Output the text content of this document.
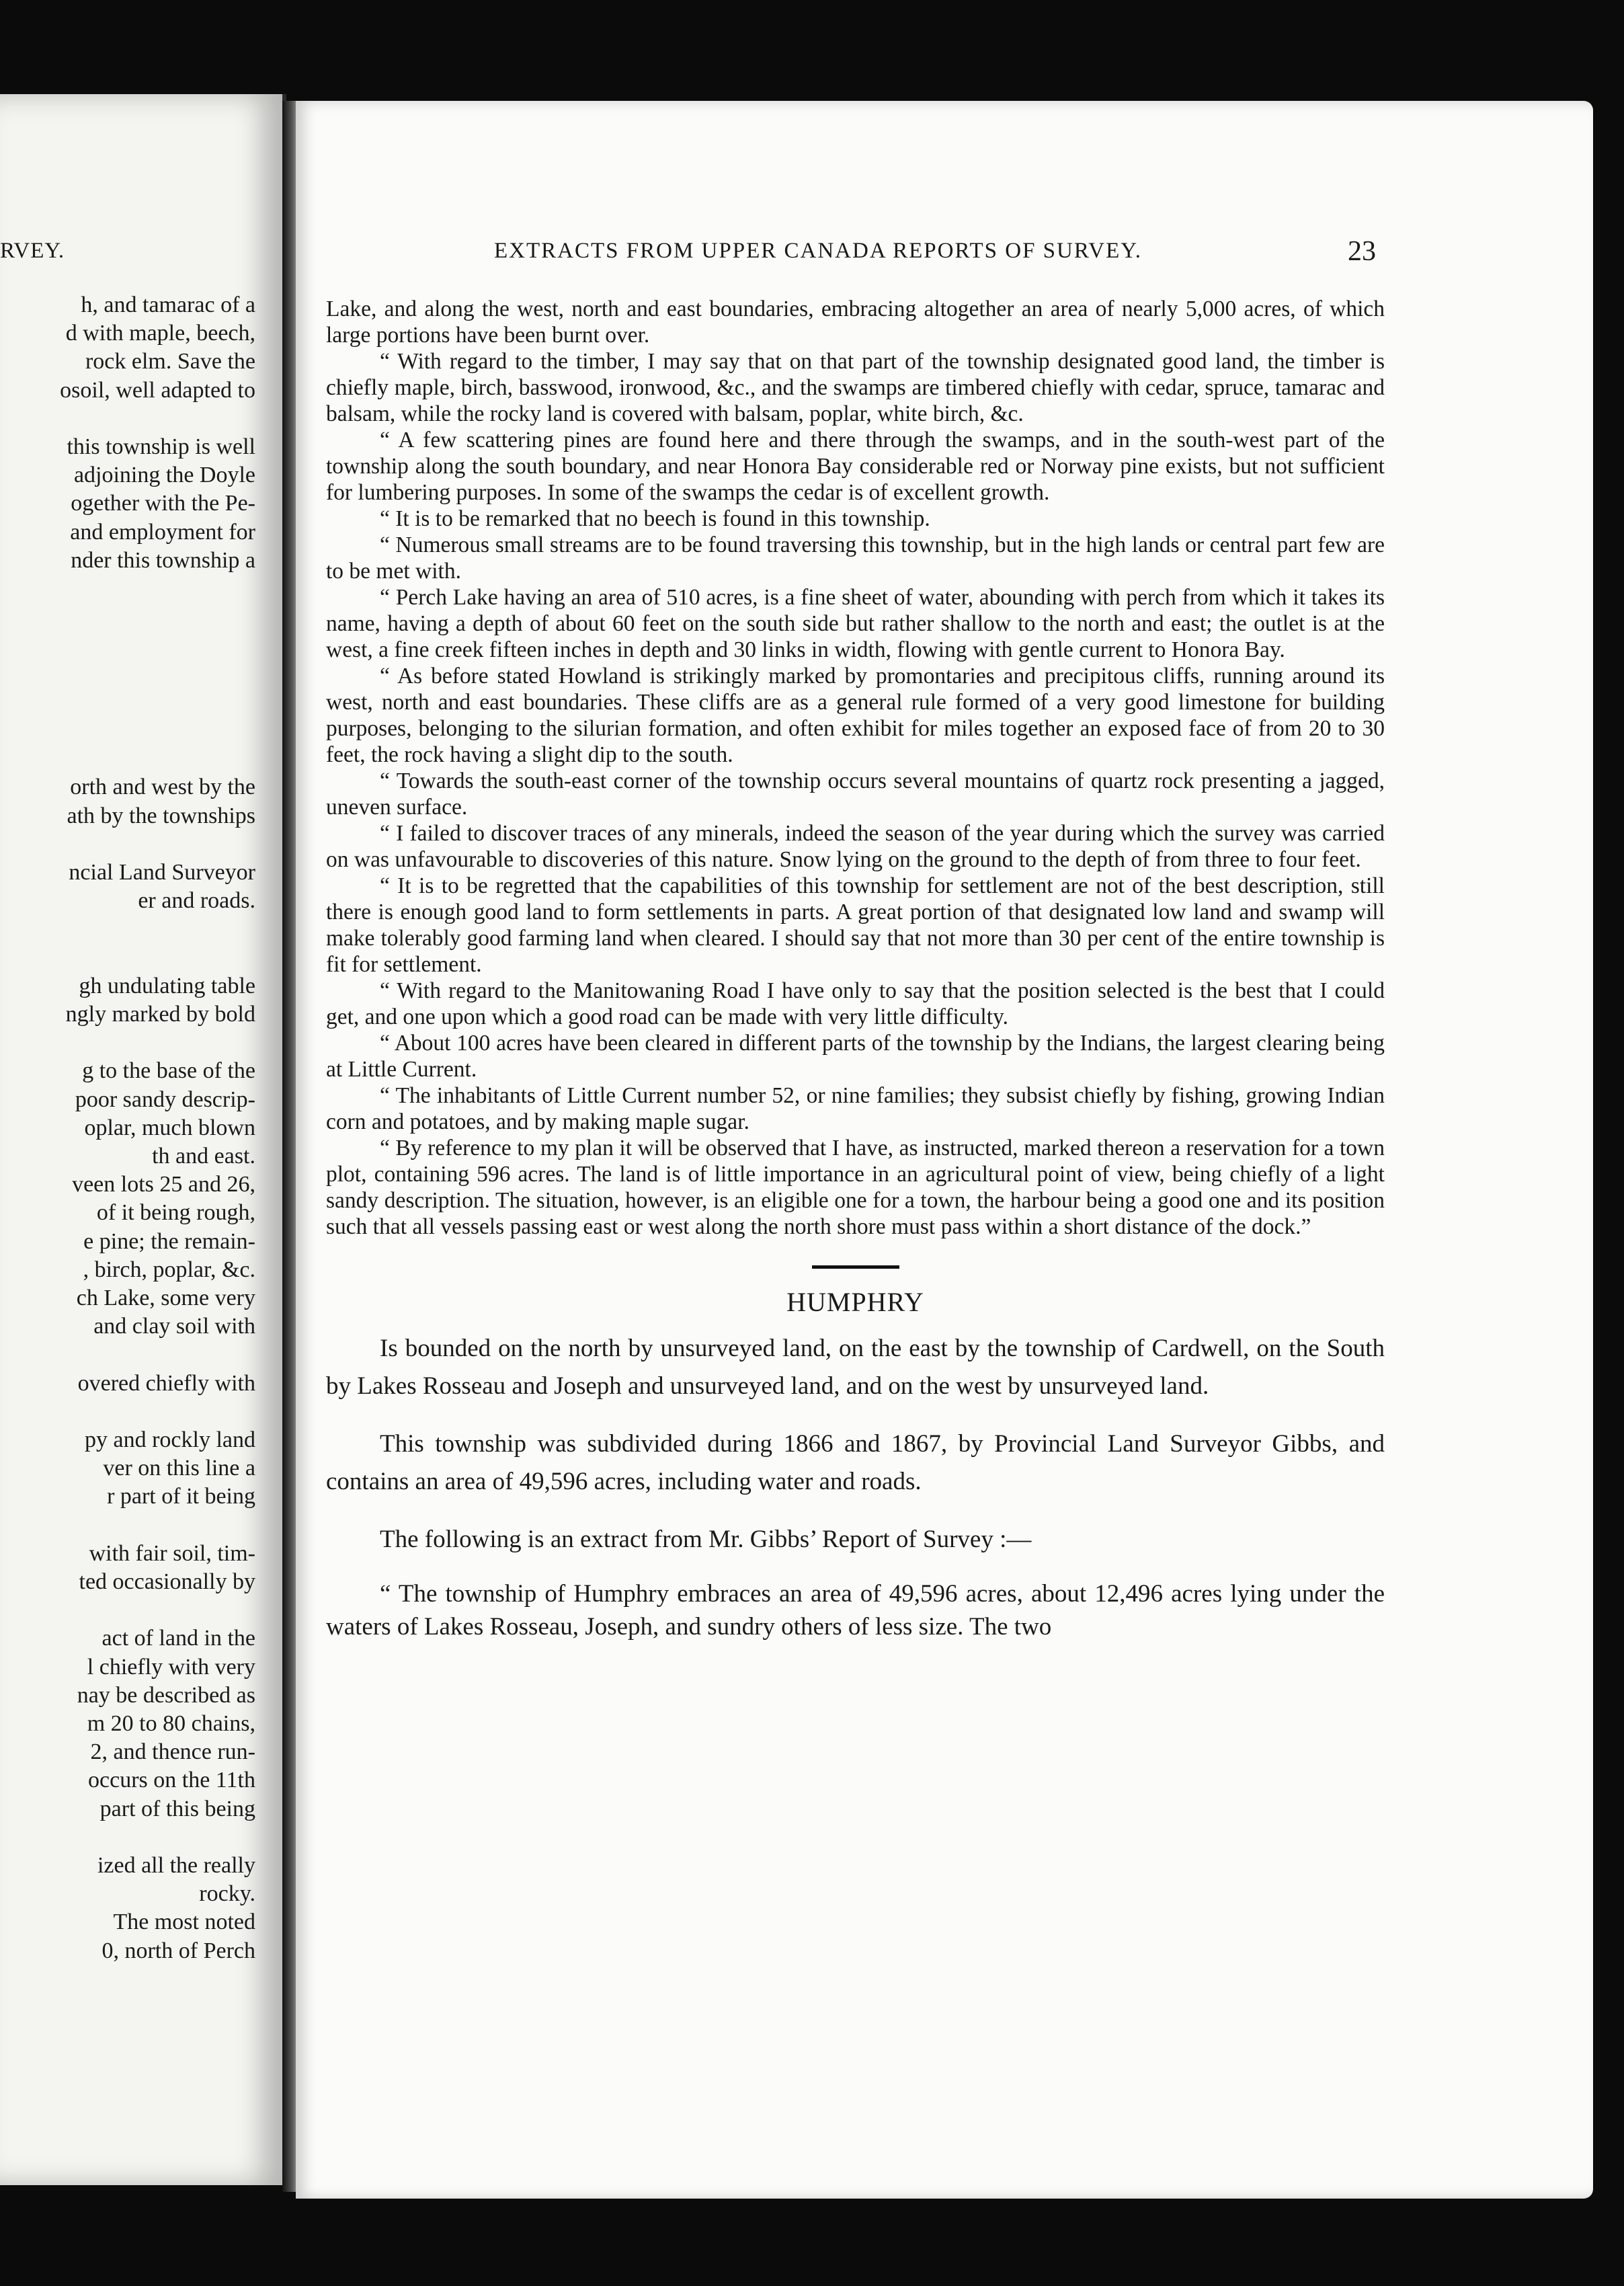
RVEY.
h, and tamarac of a
d with maple, beech,
rock elm. Save the
osoil, well adapted to
this township is well
adjoining the Doyle
ogether with the Pe-
and employment for
nder this township a
orth and west by the
ath by the townships
ncial Land Surveyor
er and roads.
gh undulating table
ngly marked by bold
g to the base of the
poor sandy descrip-
oplar, much blown
th and east.
veen lots 25 and 26,
of it being rough,
e pine; the remain-
, birch, poplar, &c.
ch Lake, some very
and clay soil with
overed chiefly with
py and rockly land
ver on this line a
r part of it being
with fair soil, tim-
ted occasionally by
act of land in the
l chiefly with very
nay be described as
m 20 to 80 chains,
2, and thence run-
occurs on the 11th
part of this being
ized all the really
rocky.
The most noted
0, north of Perch
EXTRACTS FROM UPPER CANADA REPORTS OF SURVEY.	23

Lake, and along the west, north and east boundaries, embracing altogether an area of nearly 5,000 acres, of which large portions have been burnt over.

“ With regard to the timber, I may say that on that part of the township designated good land, the timber is chiefly maple, birch, basswood, ironwood, &c., and the swamps are timbered chiefly with cedar, spruce, tamarac and balsam, while the rocky land is covered with balsam, poplar, white birch, &c.

“ A few scattering pines are found here and there through the swamps, and in the south-west part of the township along the south boundary, and near Honora Bay considerable red or Norway pine exists, but not sufficient for lumbering purposes. In some of the swamps the cedar is of excellent growth.

“ It is to be remarked that no beech is found in this township.

“ Numerous small streams are to be found traversing this township, but in the high lands or central part few are to be met with.

“ Perch Lake having an area of 510 acres, is a fine sheet of water, abounding with perch from which it takes its name, having a depth of about 60 feet on the south side but rather shallow to the north and east; the outlet is at the west, a fine creek fifteen inches in depth and 30 links in width, flowing with gentle current to Honora Bay.

“ As before stated Howland is strikingly marked by promontaries and precipitous cliffs, running around its west, north and east boundaries. These cliffs are as a general rule formed of a very good limestone for building purposes, belonging to the silurian formation, and often exhibit for miles together an exposed face of from 20 to 30 feet, the rock having a slight dip to the south.

“ Towards the south-east corner of the township occurs several mountains of quartz rock presenting a jagged, uneven surface.

“ I failed to discover traces of any minerals, indeed the season of the year during which the survey was carried on was unfavourable to discoveries of this nature. Snow lying on the ground to the depth of from three to four feet.

“ It is to be regretted that the capabilities of this township for settlement are not of the best description, still there is enough good land to form settlements in parts. A great portion of that designated low land and swamp will make tolerably good farming land when cleared. I should say that not more than 30 per cent of the entire township is fit for settlement.

“ With regard to the Manitowaning Road I have only to say that the position selected is the best that I could get, and one upon which a good road can be made with very little difficulty.

“ About 100 acres have been cleared in different parts of the township by the Indians, the largest clearing being at Little Current.

“ The inhabitants of Little Current number 52, or nine families; they subsist chiefly by fishing, growing Indian corn and potatoes, and by making maple sugar.

“ By reference to my plan it will be observed that I have, as instructed, marked thereon a reservation for a town plot, containing 596 acres. The land is of little importance in an agricultural point of view, being chiefly of a light sandy description. The situation, however, is an eligible one for a town, the harbour being a good one and its position such that all vessels passing east or west along the north shore must pass within a short distance of the dock.”

HUMPHRY

Is bounded on the north by unsurveyed land, on the east by the township of Cardwell, on the South by Lakes Rosseau and Joseph and unsurveyed land, and on the west by unsurveyed land.

This township was subdivided during 1866 and 1867, by Provincial Land Surveyor Gibbs, and contains an area of 49,596 acres, including water and roads.

The following is an extract from Mr. Gibbs’ Report of Survey :—

“ The township of Humphry embraces an area of 49,596 acres, about 12,496 acres lying under the waters of Lakes Rosseau, Joseph, and sundry others of less size. The two
